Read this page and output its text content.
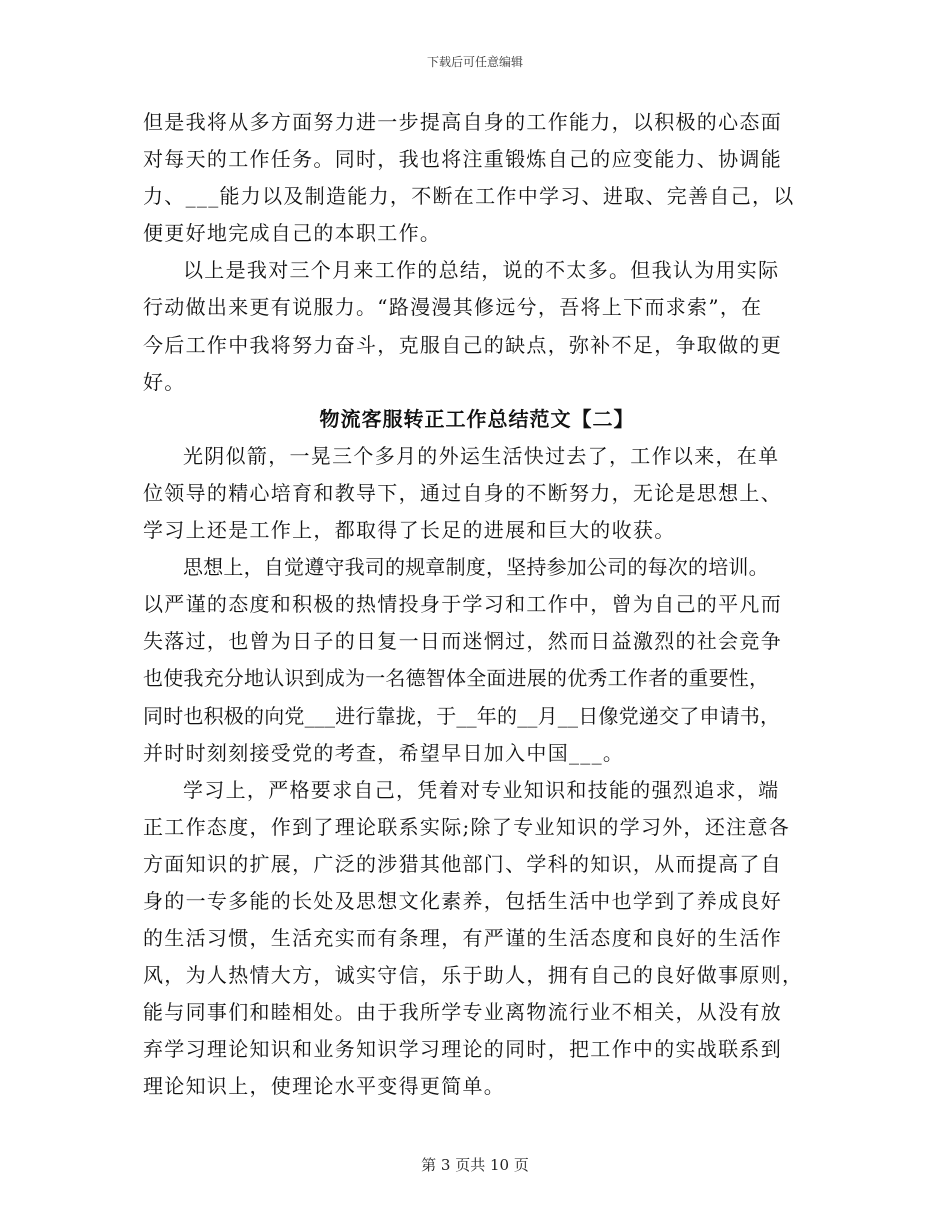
下载后可任意编辑
但是我将从多方面努力进一步提高自身的工作能力，以积极的心态面
对每天的工作任务。同时，我也将注重锻炼自己的应变能力、协调能
力、___能力以及制造能力，不断在工作中学习、进取、完善自己，以
便更好地完成自己的本职工作。
以上是我对三个月来工作的总结，说的不太多。但我认为用实际
行动做出来更有说服力。“路漫漫其修远兮，吾将上下而求索”，在
今后工作中我将努力奋斗，克服自己的缺点，弥补不足，争取做的更
好。
物流客服转正工作总结范文【二】
光阴似箭，一晃三个多月的外运生活快过去了，工作以来，在单
位领导的精心培育和教导下，通过自身的不断努力，无论是思想上、
学习上还是工作上，都取得了长足的进展和巨大的收获。
思想上，自觉遵守我司的规章制度，坚持参加公司的每次的培训。
以严谨的态度和积极的热情投身于学习和工作中，曾为自己的平凡而
失落过，也曾为日子的日复一日而迷惘过，然而日益激烈的社会竞争
也使我充分地认识到成为一名德智体全面进展的优秀工作者的重要性，
同时也积极的向党___进行靠拢，于__年的__月__日像党递交了申请书，
并时时刻刻接受党的考查，希望早日加入中国___。
学习上，严格要求自己，凭着对专业知识和技能的强烈追求，端
正工作态度，作到了理论联系实际;除了专业知识的学习外，还注意各
方面知识的扩展，广泛的涉猎其他部门、学科的知识，从而提高了自
身的一专多能的长处及思想文化素养，包括生活中也学到了养成良好
的生活习惯，生活充实而有条理，有严谨的生活态度和良好的生活作
风，为人热情大方，诚实守信，乐于助人，拥有自己的良好做事原则，
能与同事们和睦相处。由于我所学专业离物流行业不相关，从没有放
弃学习理论知识和业务知识学习理论的同时，把工作中的实战联系到
理论知识上，使理论水平变得更简单。
第 3 页共 10 页
